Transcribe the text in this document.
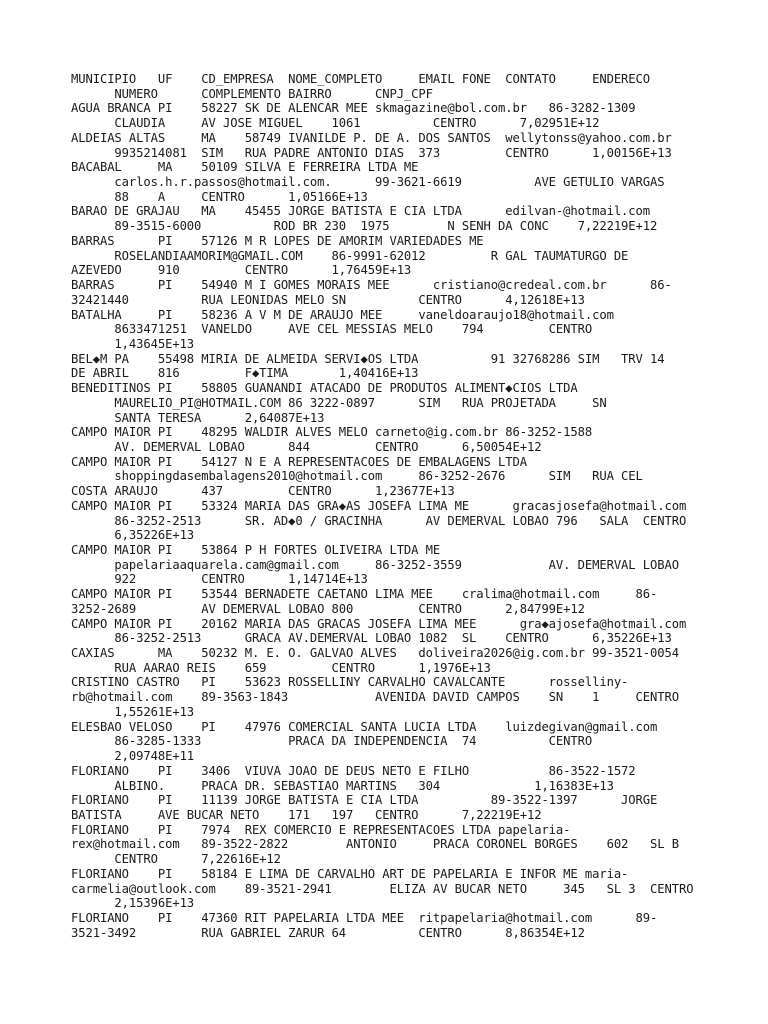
MUNICIPIO   UF    CD_EMPRESA  NOME_COMPLETO     EMAIL FONE  CONTATO     ENDERECO
NUMERO      COMPLEMENTO BAIRRO      CNPJ_CPF
AGUA BRANCA PI    58227 SK DE ALENCAR MEE skmagazine@bol.com.br   86-3282-1309
CLAUDIA     AV JOSE MIGUEL    1061          CENTRO      7,02951E+12
ALDEIAS ALTAS     MA    58749 IVANILDE P. DE A. DOS SANTOS  wellytonss@yahoo.com.br
9935214081  SIM   RUA PADRE ANTONIO DIAS  373         CENTRO      1,00156E+13
BACABAL     MA    50109 SILVA E FERREIRA LTDA ME
carlos.h.r.passos@hotmail.com.      99-3621-6619          AVE GETULIO VARGAS
88    A     CENTRO      1,05166E+13
BARAO DE GRAJAU   MA    45455 JORGE BATISTA E CIA LTDA      edilvan-@hotmail.com
89-3515-6000          ROD BR 230  1975        N SENH DA CONC    7,22219E+12
BARRAS      PI    57126 M R LOPES DE AMORIM VARIEDADES ME
ROSELANDIAAMORIM@GMAIL.COM    86-9991-62012         R GAL TAUMATURGO DE
AZEVEDO     910         CENTRO      1,76459E+13
BARRAS      PI    54940 M I GOMES MORAIS MEE      cristiano@credeal.com.br      86-
32421440          RUA LEONIDAS MELO SN          CENTRO      4,12618E+13
BATALHA     PI    58236 A V M DE ARAUJO MEE     vaneldoaraujo18@hotmail.com
8633471251  VANELDO     AVE CEL MESSIAS MELO    794         CENTRO
1,43645E+13
BEL◆M PA    55498 MIRIA DE ALMEIDA SERVI◆OS LTDA          91 32768286 SIM   TRV 14
DE ABRIL    816         F◆TIMA       1,40416E+13
BENEDITINOS PI    58805 GUANANDI ATACADO DE PRODUTOS ALIMENT◆CIOS LTDA
MAURELIO_PI@HOTMAIL.COM 86 3222-0897      SIM   RUA PROJETADA     SN
SANTA TERESA      2,64087E+13
CAMPO MAIOR PI    48295 WALDIR ALVES MELO carneto@ig.com.br 86-3252-1588
AV. DEMERVAL LOBAO      844         CENTRO      6,50054E+12
CAMPO MAIOR PI    54127 N E A REPRESENTACOES DE EMBALAGENS LTDA
shoppingdasembalagens2010@hotmail.com     86-3252-2676      SIM   RUA CEL
COSTA ARAUJO      437         CENTRO      1,23677E+13
CAMPO MAIOR PI    53324 MARIA DAS GRA◆AS JOSEFA LIMA ME      gracasjosefa@hotmail.com
86-3252-2513      SR. AD◆0 / GRACINHA      AV DEMERVAL LOBAO 796   SALA  CENTRO
6,35226E+13
CAMPO MAIOR PI    53864 P H FORTES OLIVEIRA LTDA ME
papelariaaquarela.cam@gmail.com     86-3252-3559            AV. DEMERVAL LOBAO
922         CENTRO      1,14714E+13
CAMPO MAIOR PI    53544 BERNADETE CAETANO LIMA MEE    cralima@hotmail.com     86-
3252-2689         AV DEMERVAL LOBAO 800         CENTRO      2,84799E+12
CAMPO MAIOR PI    20162 MARIA DAS GRACAS JOSEFA LIMA MEE      gra◆ajosefa@hotmail.com
86-3252-2513      GRACA AV.DEMERVAL LOBAO 1082  SL    CENTRO      6,35226E+13
CAXIAS      MA    50232 M. E. O. GALVAO ALVES   doliveira2026@ig.com.br 99-3521-0054
RUA AARAO REIS    659         CENTRO      1,1976E+13
CRISTINO CASTRO   PI    53623 ROSSELLINY CARVALHO CAVALCANTE      rosselliny-
rb@hotmail.com    89-3563-1843            AVENIDA DAVID CAMPOS    SN    1     CENTRO
1,55261E+13
ELESBAO VELOSO    PI    47976 COMERCIAL SANTA LUCIA LTDA    luizdegivan@gmail.com
86-3285-1333            PRACA DA INDEPENDENCIA  74          CENTRO
2,09748E+11
FLORIANO    PI    3406  VIUVA JOAO DE DEUS NETO E FILHO           86-3522-1572
ALBINO.     PRACA DR. SEBASTIAO MARTINS   304             1,16383E+13
FLORIANO    PI    11139 JORGE BATISTA E CIA LTDA          89-3522-1397      JORGE
BATISTA     AVE BUCAR NETO    171   197   CENTRO      7,22219E+12
FLORIANO    PI    7974  REX COMERCIO E REPRESENTACOES LTDA papelaria-
rex@hotmail.com   89-3522-2822        ANTONIO     PRACA CORONEL BORGES    602   SL B
CENTRO      7,22616E+12
FLORIANO    PI    58184 E LIMA DE CARVALHO ART DE PAPELARIA E INFOR ME maria-
carmelia@outlook.com    89-3521-2941        ELIZA AV BUCAR NETO     345   SL 3  CENTRO
2,15396E+13
FLORIANO    PI    47360 RIT PAPELARIA LTDA MEE  ritpapelaria@hotmail.com      89-
3521-3492         RUA GABRIEL ZARUR 64          CENTRO      8,86354E+12
